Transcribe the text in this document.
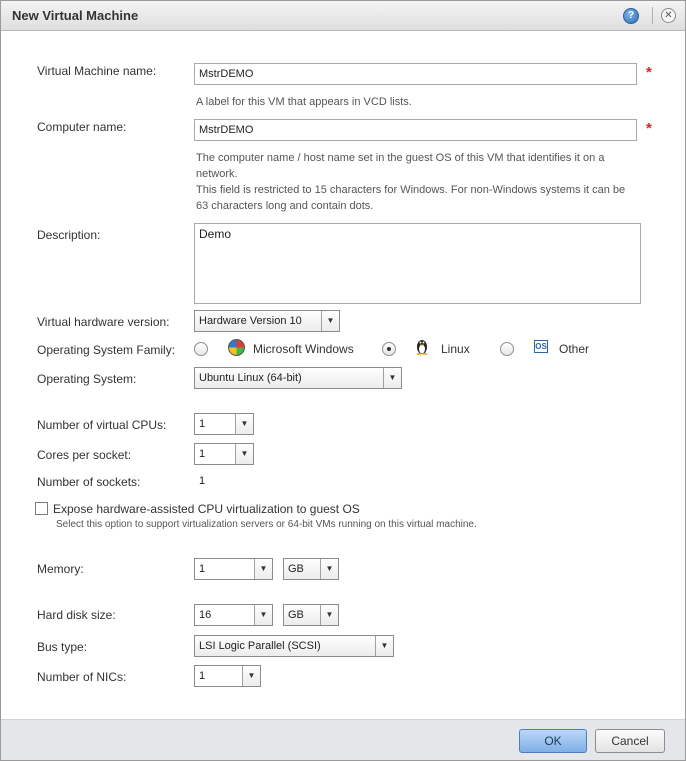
New Virtual Machine	?	✕
Virtual Machine name:	MstrDEMO	*
A label for this VM that appears in VCD lists.
Computer name:	MstrDEMO	*
The computer name / host name set in the guest OS of this VM that identifies it on a network.
This field is restricted to 15 characters for Windows. For non-Windows systems it can be 63 characters long and contain dots.
Description:	Demo
Virtual hardware version:	Hardware Version 10	▼
Operating System Family:	Microsoft Windows	Linux	OS Other
Operating System:	Ubuntu Linux (64-bit)	▼
Number of virtual CPUs:	1	▼
Cores per socket:	1	▼
Number of sockets:	1
Expose hardware-assisted CPU virtualization to guest OS
Select this option to support virtualization servers or 64-bit VMs running on this virtual machine.
Memory:	1	▼	GB	▼
Hard disk size:	16	▼	GB	▼
Bus type:	LSI Logic Parallel (SCSI)	▼
Number of NICs:	1	▼
OK	Cancel
